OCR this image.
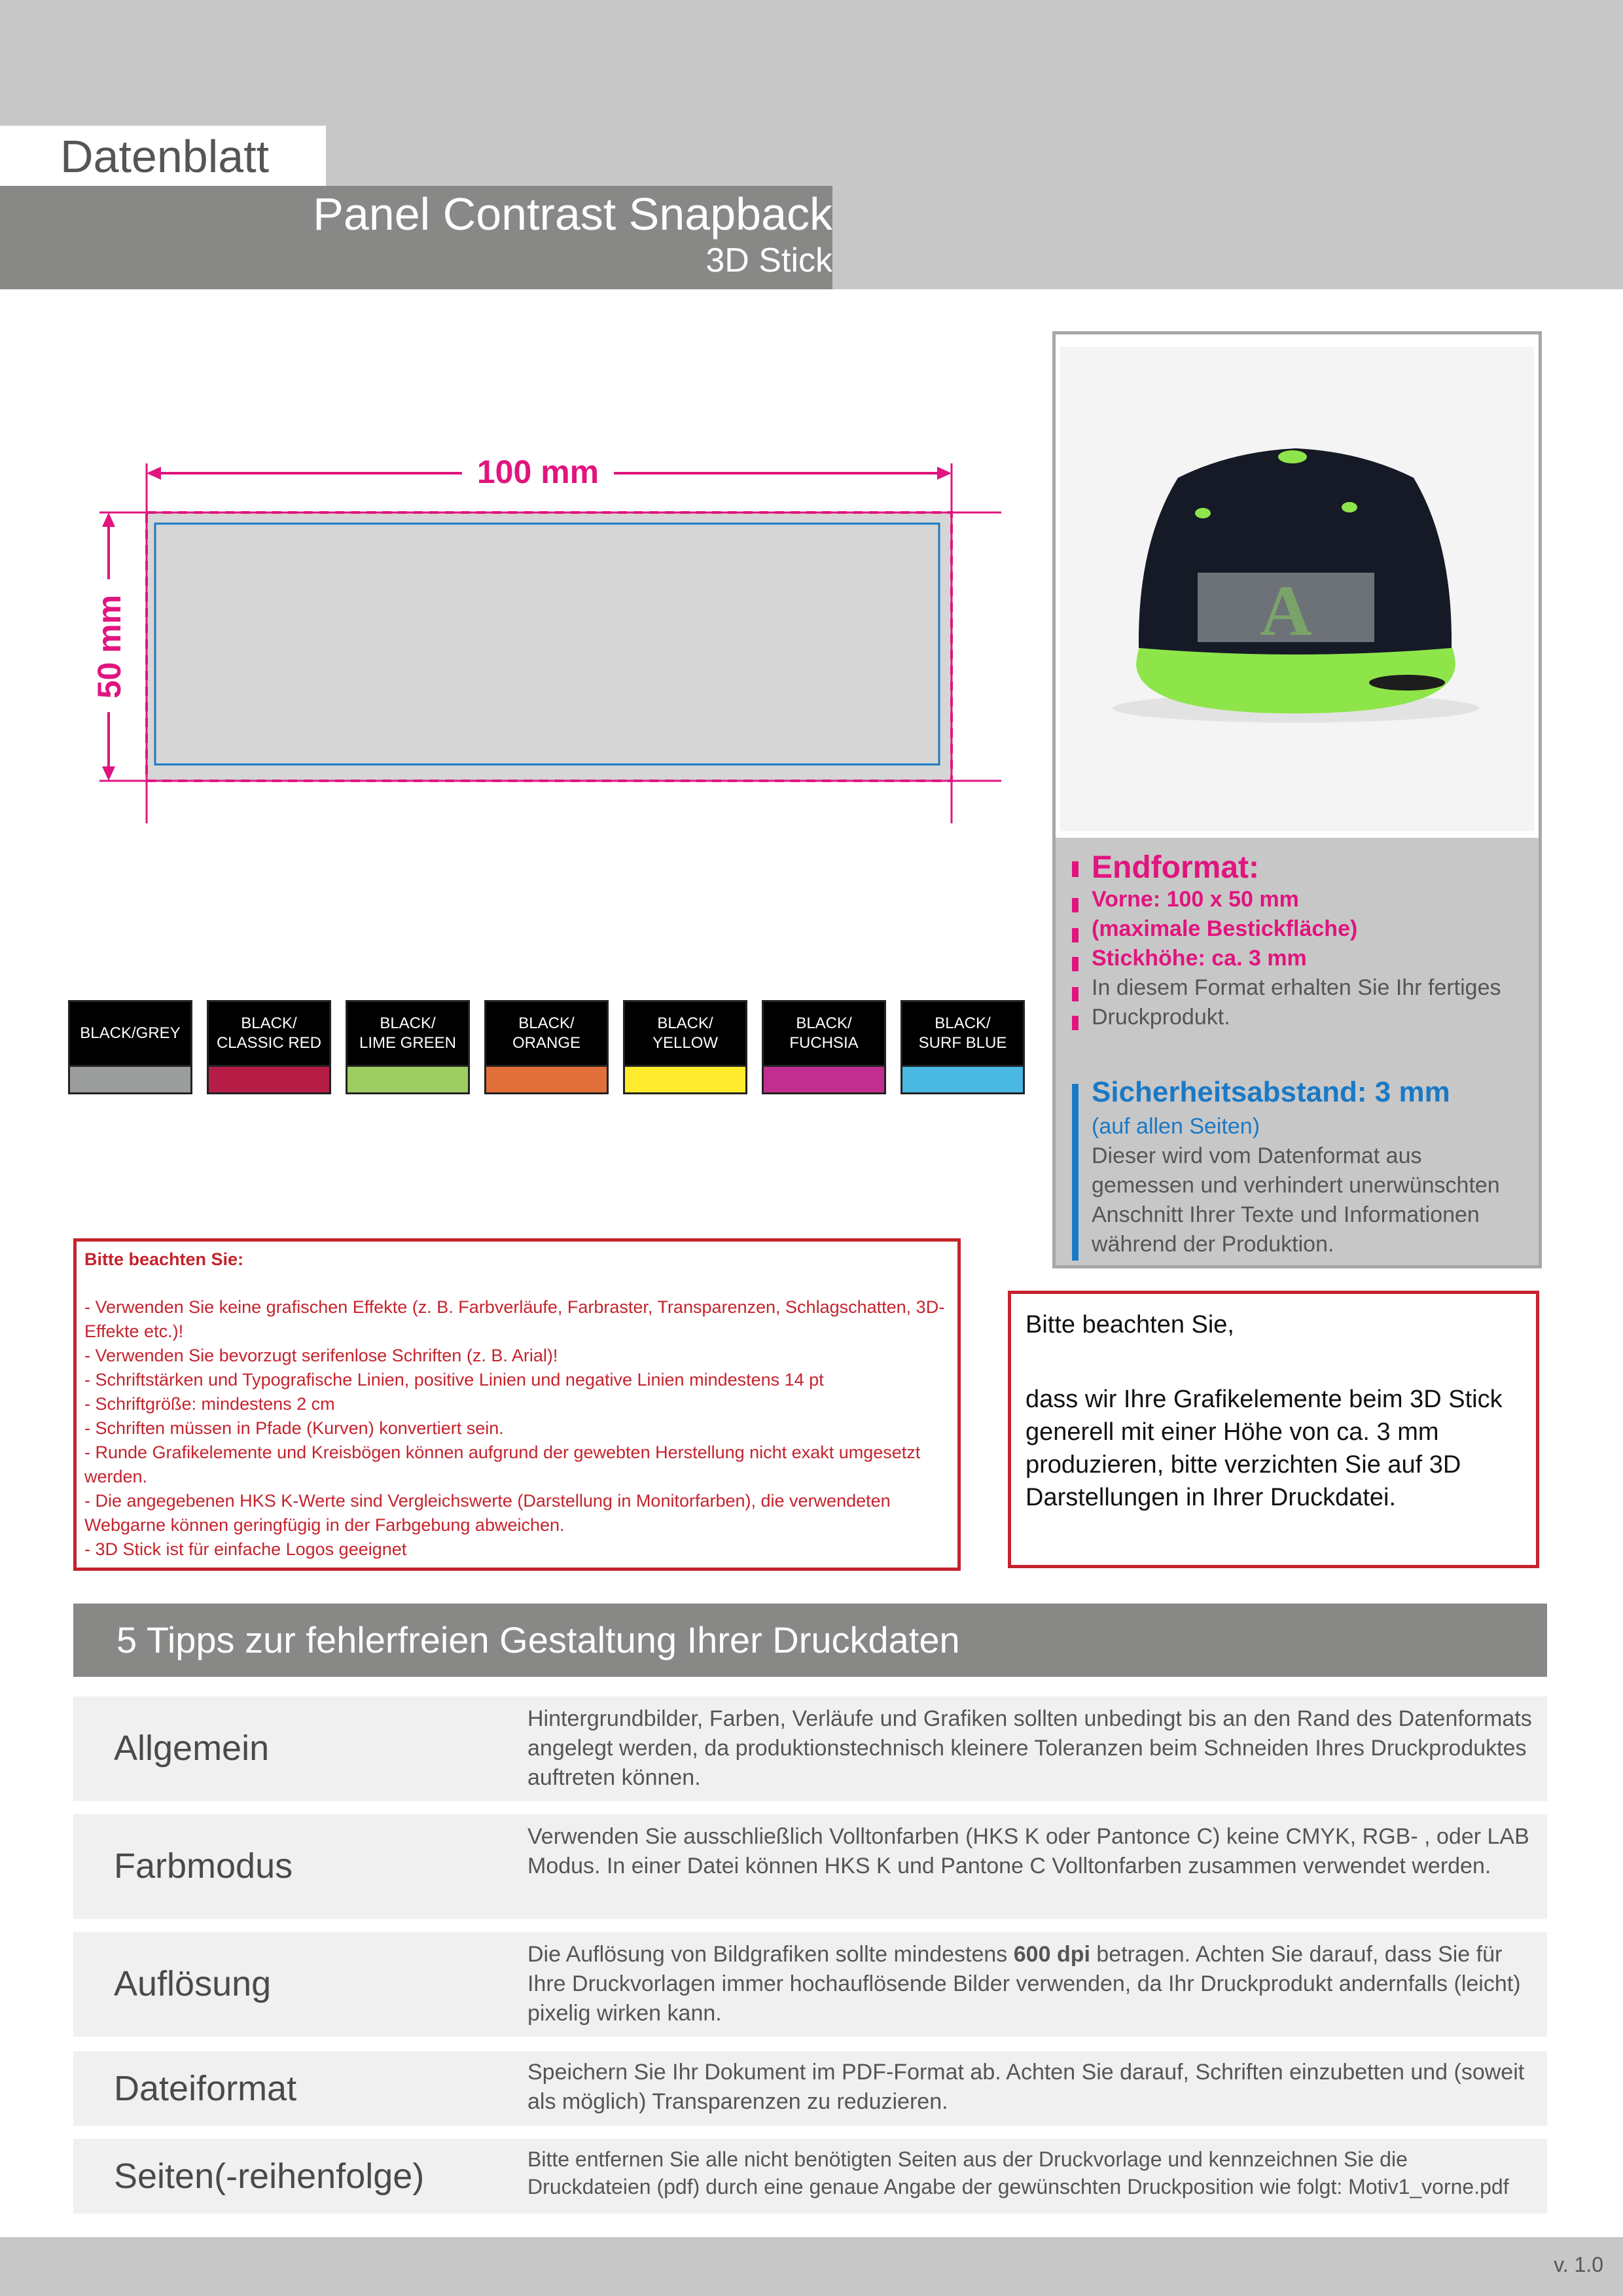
Datenblatt
Panel Contrast Snapback
3D Stick
100 mm
50 mm
BLACK/GREY
BLACK/
CLASSIC RED
BLACK/
LIME GREEN
BLACK/
ORANGE
BLACK/
YELLOW
BLACK/
FUCHSIA
BLACK/
SURF BLUE
A
Endformat:
Vorne: 100 x 50 mm
(maximale Bestickfläche)
Stickhöhe: ca. 3 mm
In diesem Format erhalten Sie Ihr fertiges
Druckprodukt.
Sicherheitsabstand: 3 mm
(auf allen Seiten)
Dieser wird vom Datenformat aus
gemessen und verhindert unerwünschten
Anschnitt Ihrer Texte und Informationen
während der Produktion.
Bitte beachten Sie:
- Verwenden Sie keine grafischen Effekte (z. B. Farbverläufe, Farbraster, Transparenzen, Schlagschatten, 3D-Effekte etc.)!
- Verwenden Sie bevorzugt serifenlose Schriften (z. B. Arial)!
- Schriftstärken und Typografische Linien, positive Linien und negative Linien mindestens 14 pt
- Schriftgröße: mindestens 2 cm
- Schriften müssen in Pfade (Kurven) konvertiert sein.
- Runde Grafikelemente und Kreisbögen können aufgrund der gewebten Herstellung nicht exakt umgesetzt werden.
- Die angegebenen HKS K-Werte sind Vergleichswerte (Darstellung in Monitorfarben), die verwendeten Webgarne können geringfügig in der Farbgebung abweichen.
- 3D Stick ist für einfache Logos geeignet
Bitte beachten Sie,
dass wir Ihre Grafikelemente beim 3D Stick generell mit einer Höhe von ca. 3 mm produzieren, bitte verzichten Sie auf 3D Darstellungen in Ihrer Druckdatei.
5 Tipps zur fehlerfreien Gestaltung Ihrer Druckdaten
Allgemein
Hintergrundbilder, Farben, Verläufe und Grafiken sollten unbedingt bis an den Rand des Datenformats angelegt werden, da produktionstechnisch kleinere Toleranzen beim Schneiden Ihres Druckproduktes auftreten können.
Farbmodus
Verwenden Sie ausschließlich Volltonfarben (HKS K oder Pantonce C) keine CMYK, RGB- , oder LAB Modus. In einer Datei können HKS K und Pantone C Volltonfarben zusammen verwendet werden.
Auflösung
Die Auflösung von Bildgrafiken sollte mindestens 600 dpi betragen. Achten Sie darauf, dass Sie für Ihre Druckvorlagen immer hochauflösende Bilder verwenden, da Ihr Druckprodukt andernfalls (leicht) pixelig wirken kann.
Dateiformat	Speichern Sie Ihr Dokument im PDF-Format ab. Achten Sie darauf, Schriften einzubetten und (soweit als möglich) Transparenzen zu reduzieren.
Seiten(-reihenfolge)	Bitte entfernen Sie alle nicht benötigten Seiten aus der Druckvorlage und kennzeichnen Sie die Druckdateien (pdf) durch eine genaue Angabe der gewünschten Druckposition wie folgt: Motiv1_vorne.pdf
v. 1.0
